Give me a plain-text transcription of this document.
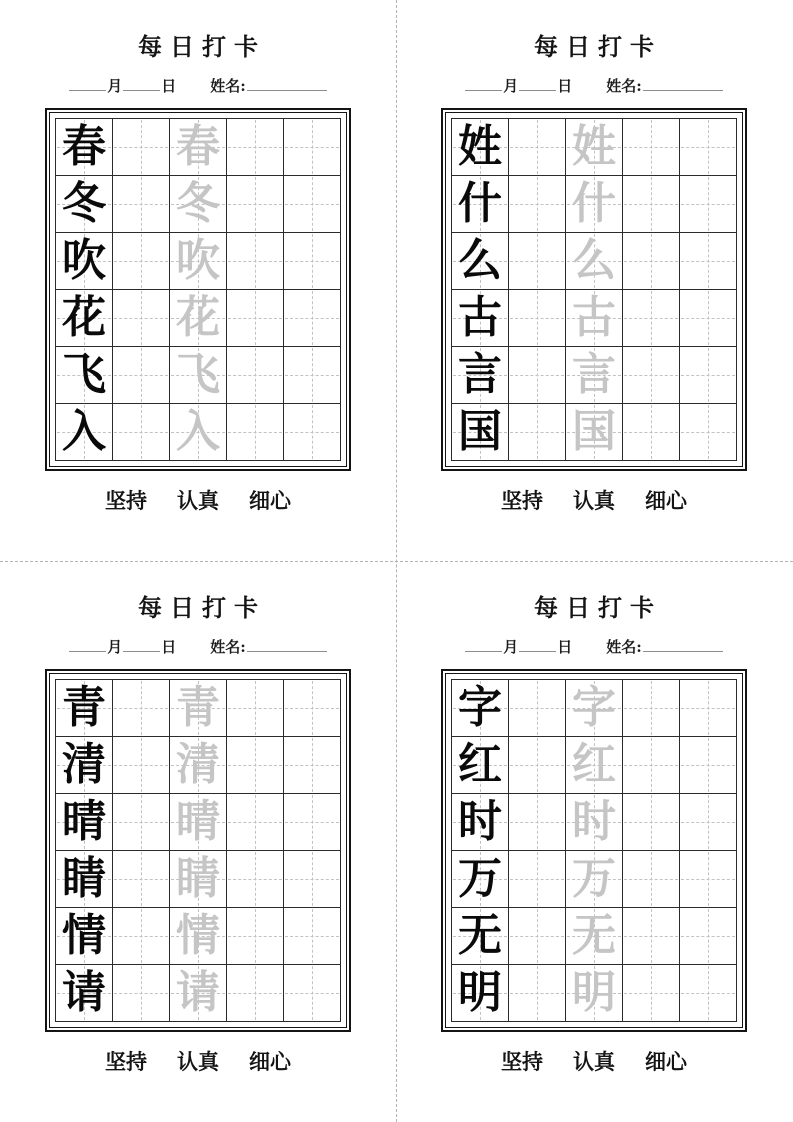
每日打卡
月	日 姓名:
春		春		

冬		冬		

吹		吹		

花		花		

飞		飞		

入		入		

坚持 认真 细心
每日打卡
月	日 姓名:
姓		姓		

什		什		

么		么		

古		古		

言		言		

国		国		

坚持 认真 细心
每日打卡
月	日 姓名:
青		青		

清		清		

晴		晴		

睛		睛		

情		情		

请		请		

坚持 认真 细心
每日打卡
月	日 姓名:
字		字		

红		红		

时		时		

万		万		

无		无		

明		明		

坚持 认真 细心
